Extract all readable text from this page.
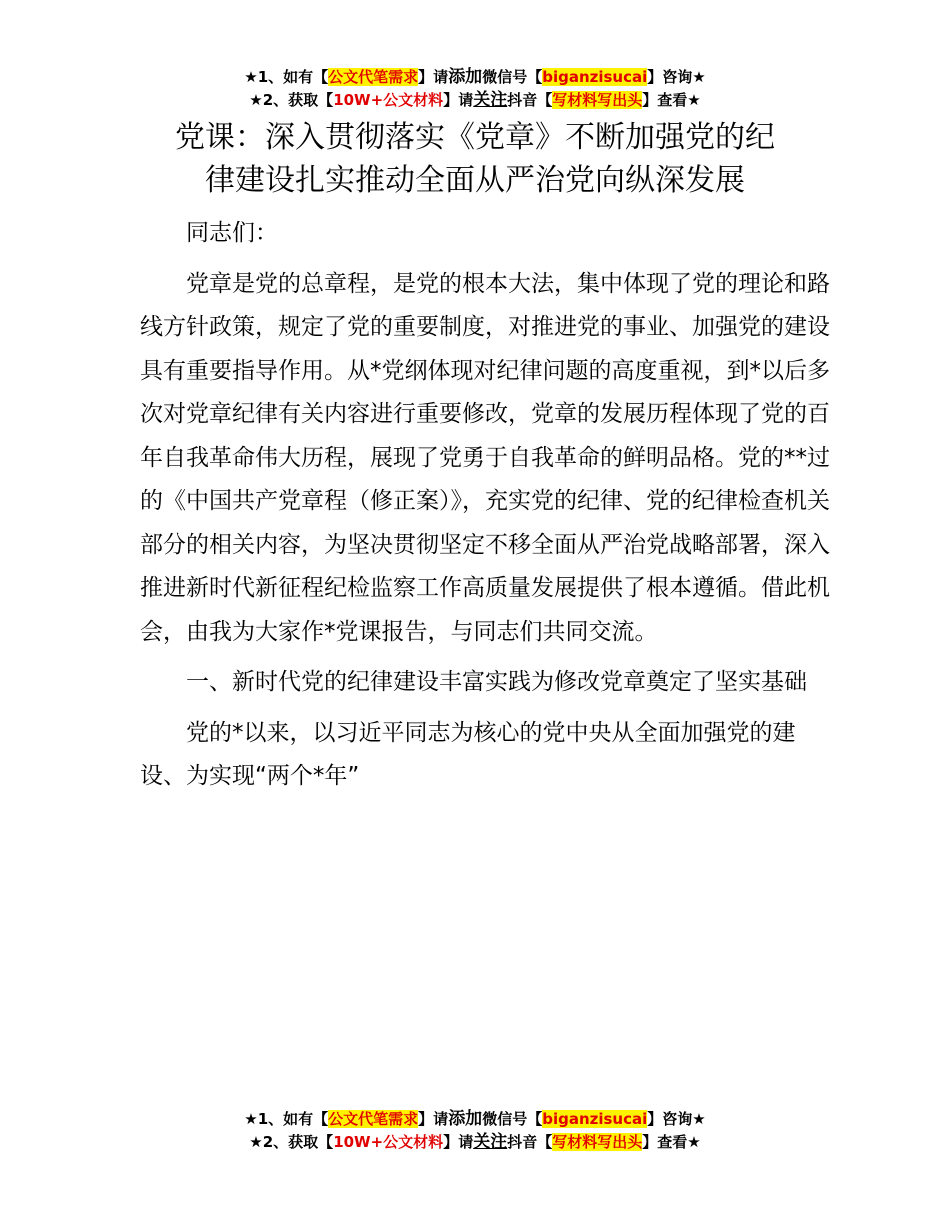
★1、如有【公文代笔需求】请添加微信号【biganzisucai】咨询★
★2、获取【10W+公文材料】请关注抖音【写材料写出头】查看★
党课：深入贯彻落实《党章》不断加强党的纪
律建设扎实推动全面从严治党向纵深发展

同志们：

党章是党的总章程，是党的根本大法，集中体现了党的理论和路线方针政策，规定了党的重要制度，对推进党的事业、加强党的建设具有重要指导作用。从*党纲体现对纪律问题的高度重视，到*以后多次对党章纪律有关内容进行重要修改，党章的发展历程体现了党的百年自我革命伟大历程，展现了党勇于自我革命的鲜明品格。党的**过的《中国共产党章程（修正案）》，充实党的纪律、党的纪律检查机关部分的相关内容，为坚决贯彻坚定不移全面从严治党战略部署，深入推进新时代新征程纪检监察工作高质量发展提供了根本遵循。借此机会，由我为大家作*党课报告，与同志们共同交流。

一、新时代党的纪律建设丰富实践为修改党章奠定了坚实基础

党的*以来，以习近平同志为核心的党中央从全面加强党的建设、为实现“两个*年”

★1、如有【公文代笔需求】请添加微信号【biganzisucai】咨询★
★2、获取【10W+公文材料】请关注抖音【写材料写出头】查看★
